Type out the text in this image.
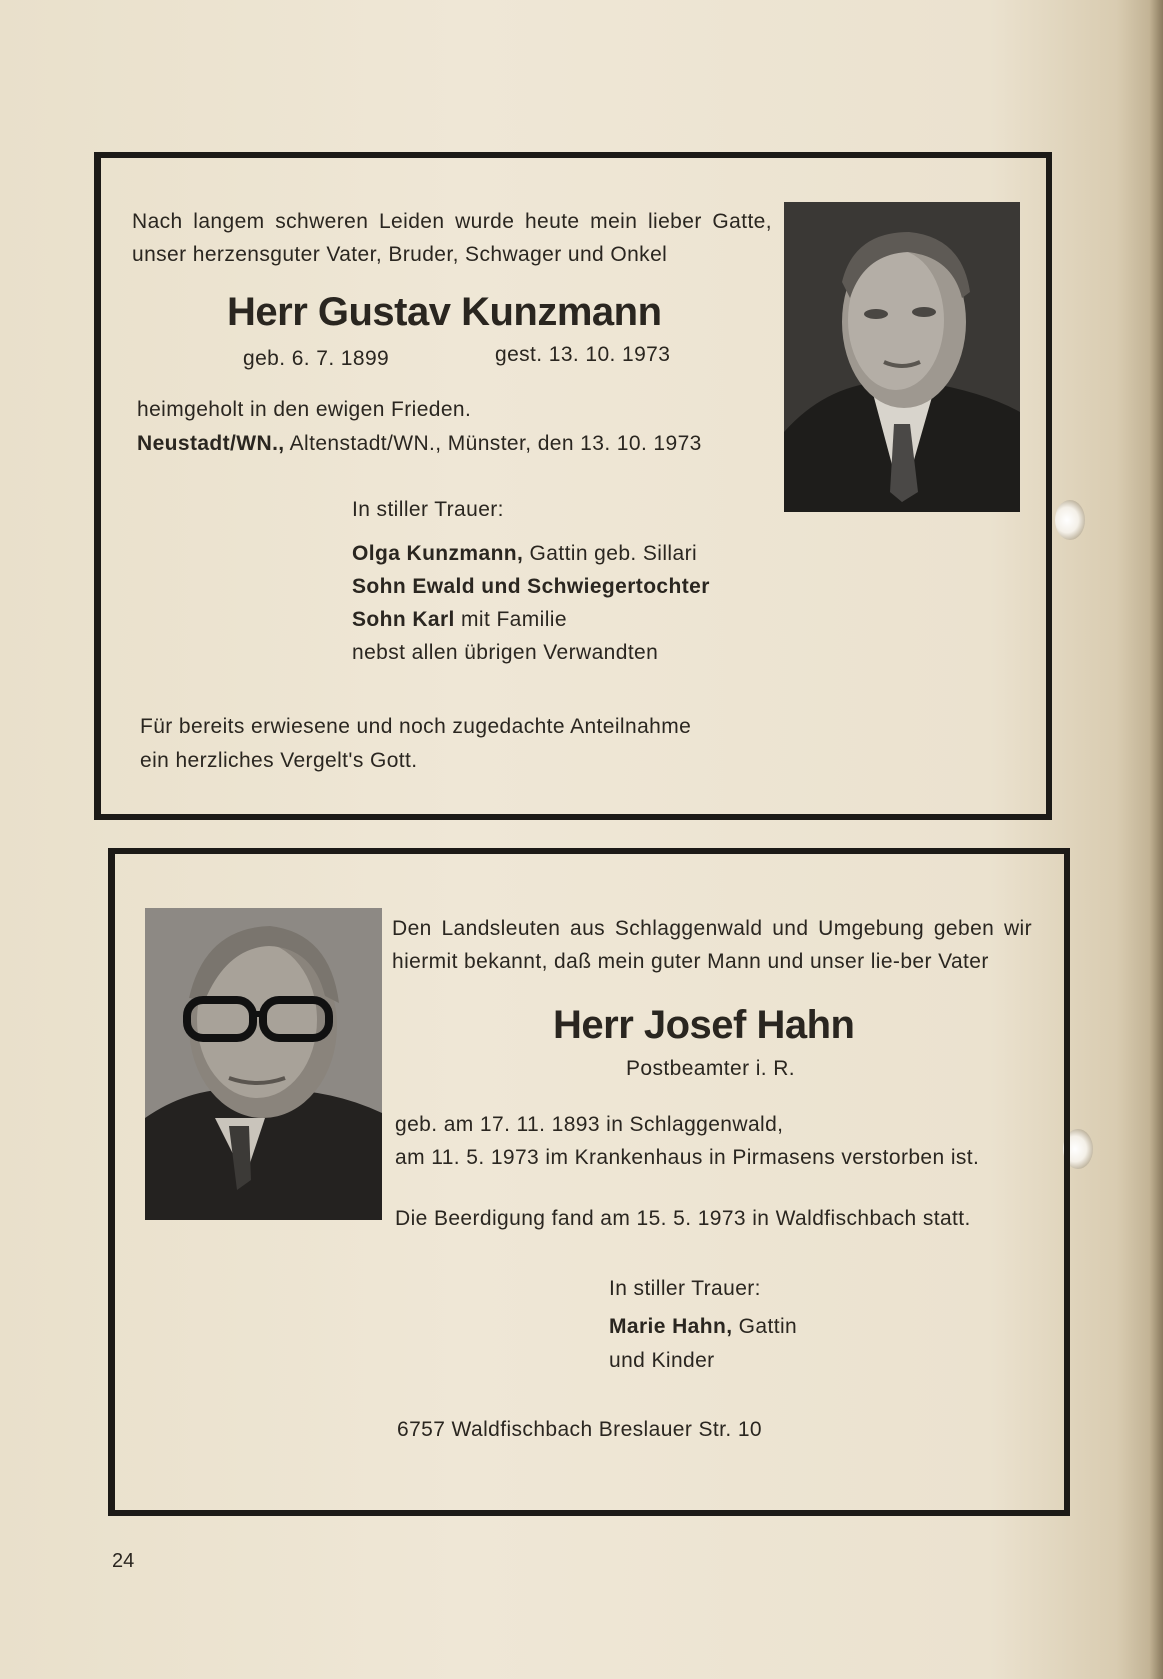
Nach langem schweren Leiden wurde heute mein lieber Gatte, unser herzensguter Vater, Bruder, Schwager und Onkel
Herr Gustav Kunzmann
geb. 6. 7. 1899	gest. 13. 10. 1973
heimgeholt in den ewigen Frieden.
Neustadt/WN., Altenstadt/WN., Münster, den 13. 10. 1973
In stiller Trauer:
Olga Kunzmann, Gattin geb. Sillari
Sohn Ewald und Schwiegertochter
Sohn Karl mit Familie
nebst allen übrigen Verwandten
Für bereits erwiesene und noch zugedachte Anteilnahme
ein herzliches Vergelt's Gott.
Den Landsleuten aus Schlaggenwald und Umgebung geben wir hiermit bekannt, daß mein guter Mann und unser lie-ber Vater
Herr Josef Hahn
Postbeamter i. R.
geb. am 17. 11. 1893 in Schlaggenwald,
am 11. 5. 1973 im Krankenhaus in Pirmasens verstorben ist.
Die Beerdigung fand am 15. 5. 1973 in Waldfischbach statt.
In stiller Trauer:
Marie Hahn, Gattin
und Kinder
6757 Waldfischbach Breslauer Str. 10
24
